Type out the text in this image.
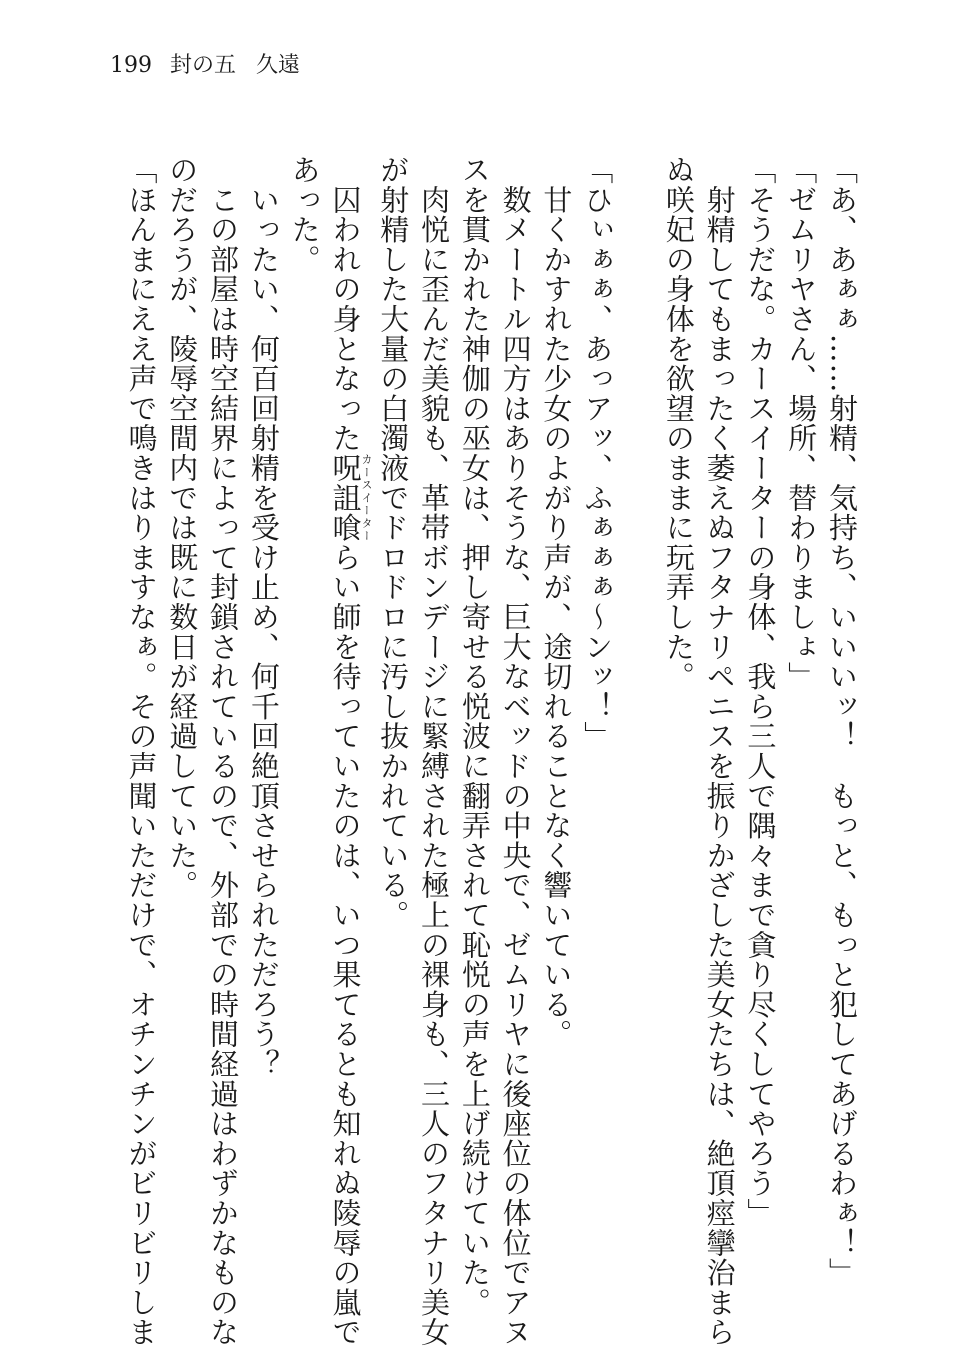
199 封の五 久遠

「あ、あぁぁ……射精、気持ち、いいいッ！　もっと、もっと犯してあげるわぁ！」

「ゼムリヤさん、場所、替わりましょ」

「そうだな。カースイーターの身体、我ら三人で隅々まで貪り尽くしてやろう」

　射精してもまったく萎えぬフタナリペニスを振りかざした美女たちは、絶頂痙攣治まら

ぬ咲妃の身体を欲望のままに玩弄した。

「ひぃぁぁ、あっアッ、ふぁぁぁ〜ンッ！」

　甘くかすれた少女のよがり声が、途切れることなく響いている。

　数メートル四方はありそうな、巨大なベッドの中央で、ゼムリヤに後座位の体位でアヌ

スを貫かれた神伽の巫女は、押し寄せる悦波に翻弄されて恥悦の声を上げ続けていた。

　肉悦に歪んだ美貌も、革帯ボンデージに緊縛された極上の裸身も、三人のフタナリ美女

が射精した大量の白濁液でドロドロに汚し抜かれている。

　囚われの身となった呪詛喰カースイーターらい師を待っていたのは、いつ果てるとも知れぬ陵辱の嵐で

あった。

　いったい、何百回射精を受け止め、何千回絶頂させられただろう？

　この部屋は時空結界によって封鎖されているので、外部での時間経過はわずかなものな

のだろうが、陵辱空間内では既に数日が経過していた。

「ほんまにええ声で鳴きはりますなぁ。その声聞いただけで、オチンチンがビリビリしま
